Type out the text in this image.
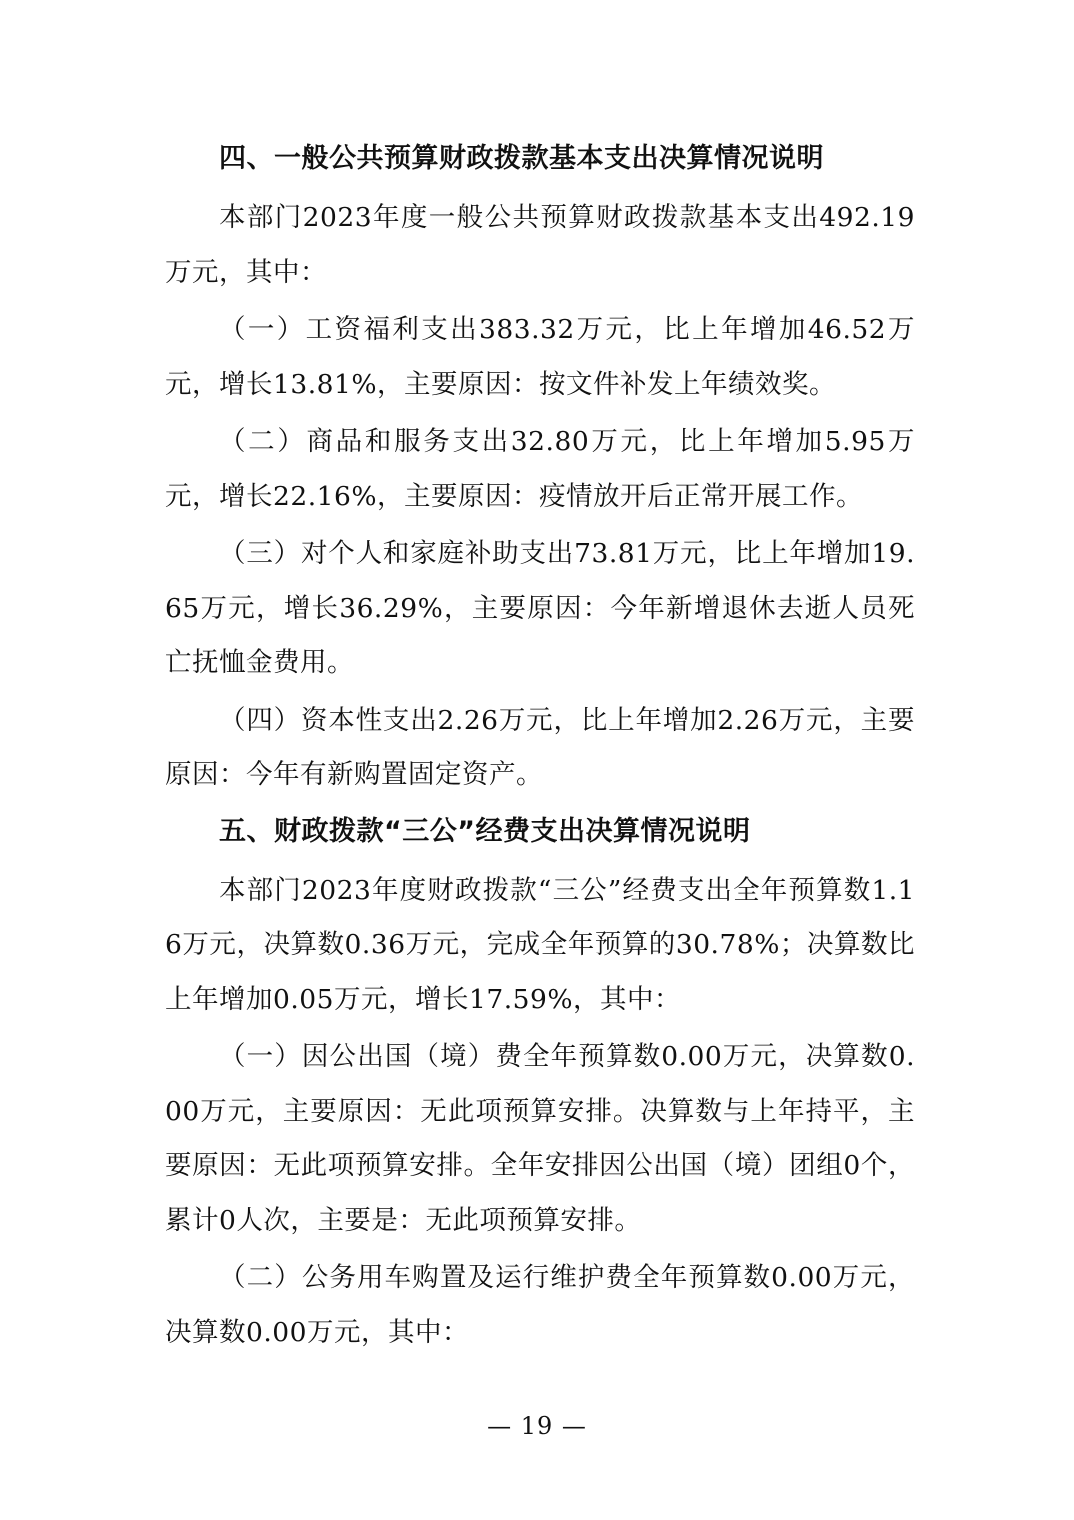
四、一般公共预算财政拨款基本支出决算情况说明

本部门2023年度一般公共预算财政拨款基本支出492.19万元，其中：

（一）工资福利支出383.32万元，比上年增加46.52万元，增长13.81%，主要原因：按文件补发上年绩效奖。

（二）商品和服务支出32.80万元，比上年增加5.95万元，增长22.16%，主要原因：疫情放开后正常开展工作。

（三）对个人和家庭补助支出73.81万元，比上年增加19.65万元，增长36.29%，主要原因：今年新增退休去逝人员死亡抚恤金费用。

（四）资本性支出2.26万元，比上年增加2.26万元，主要原因：今年有新购置固定资产。

五、财政拨款“三公”经费支出决算情况说明

本部门2023年度财政拨款“三公”经费支出全年预算数1.16万元，决算数0.36万元，完成全年预算的30.78%；决算数比上年增加0.05万元，增长17.59%，其中：

（一）因公出国（境）费全年预算数0.00万元，决算数0.00万元，主要原因：无此项预算安排。决算数与上年持平，主要原因：无此项预算安排。全年安排因公出国（境）团组0个，累计0人次，主要是：无此项预算安排。

（二）公务用车购置及运行维护费全年预算数0.00万元，决算数0.00万元，其中：

— 19 —
